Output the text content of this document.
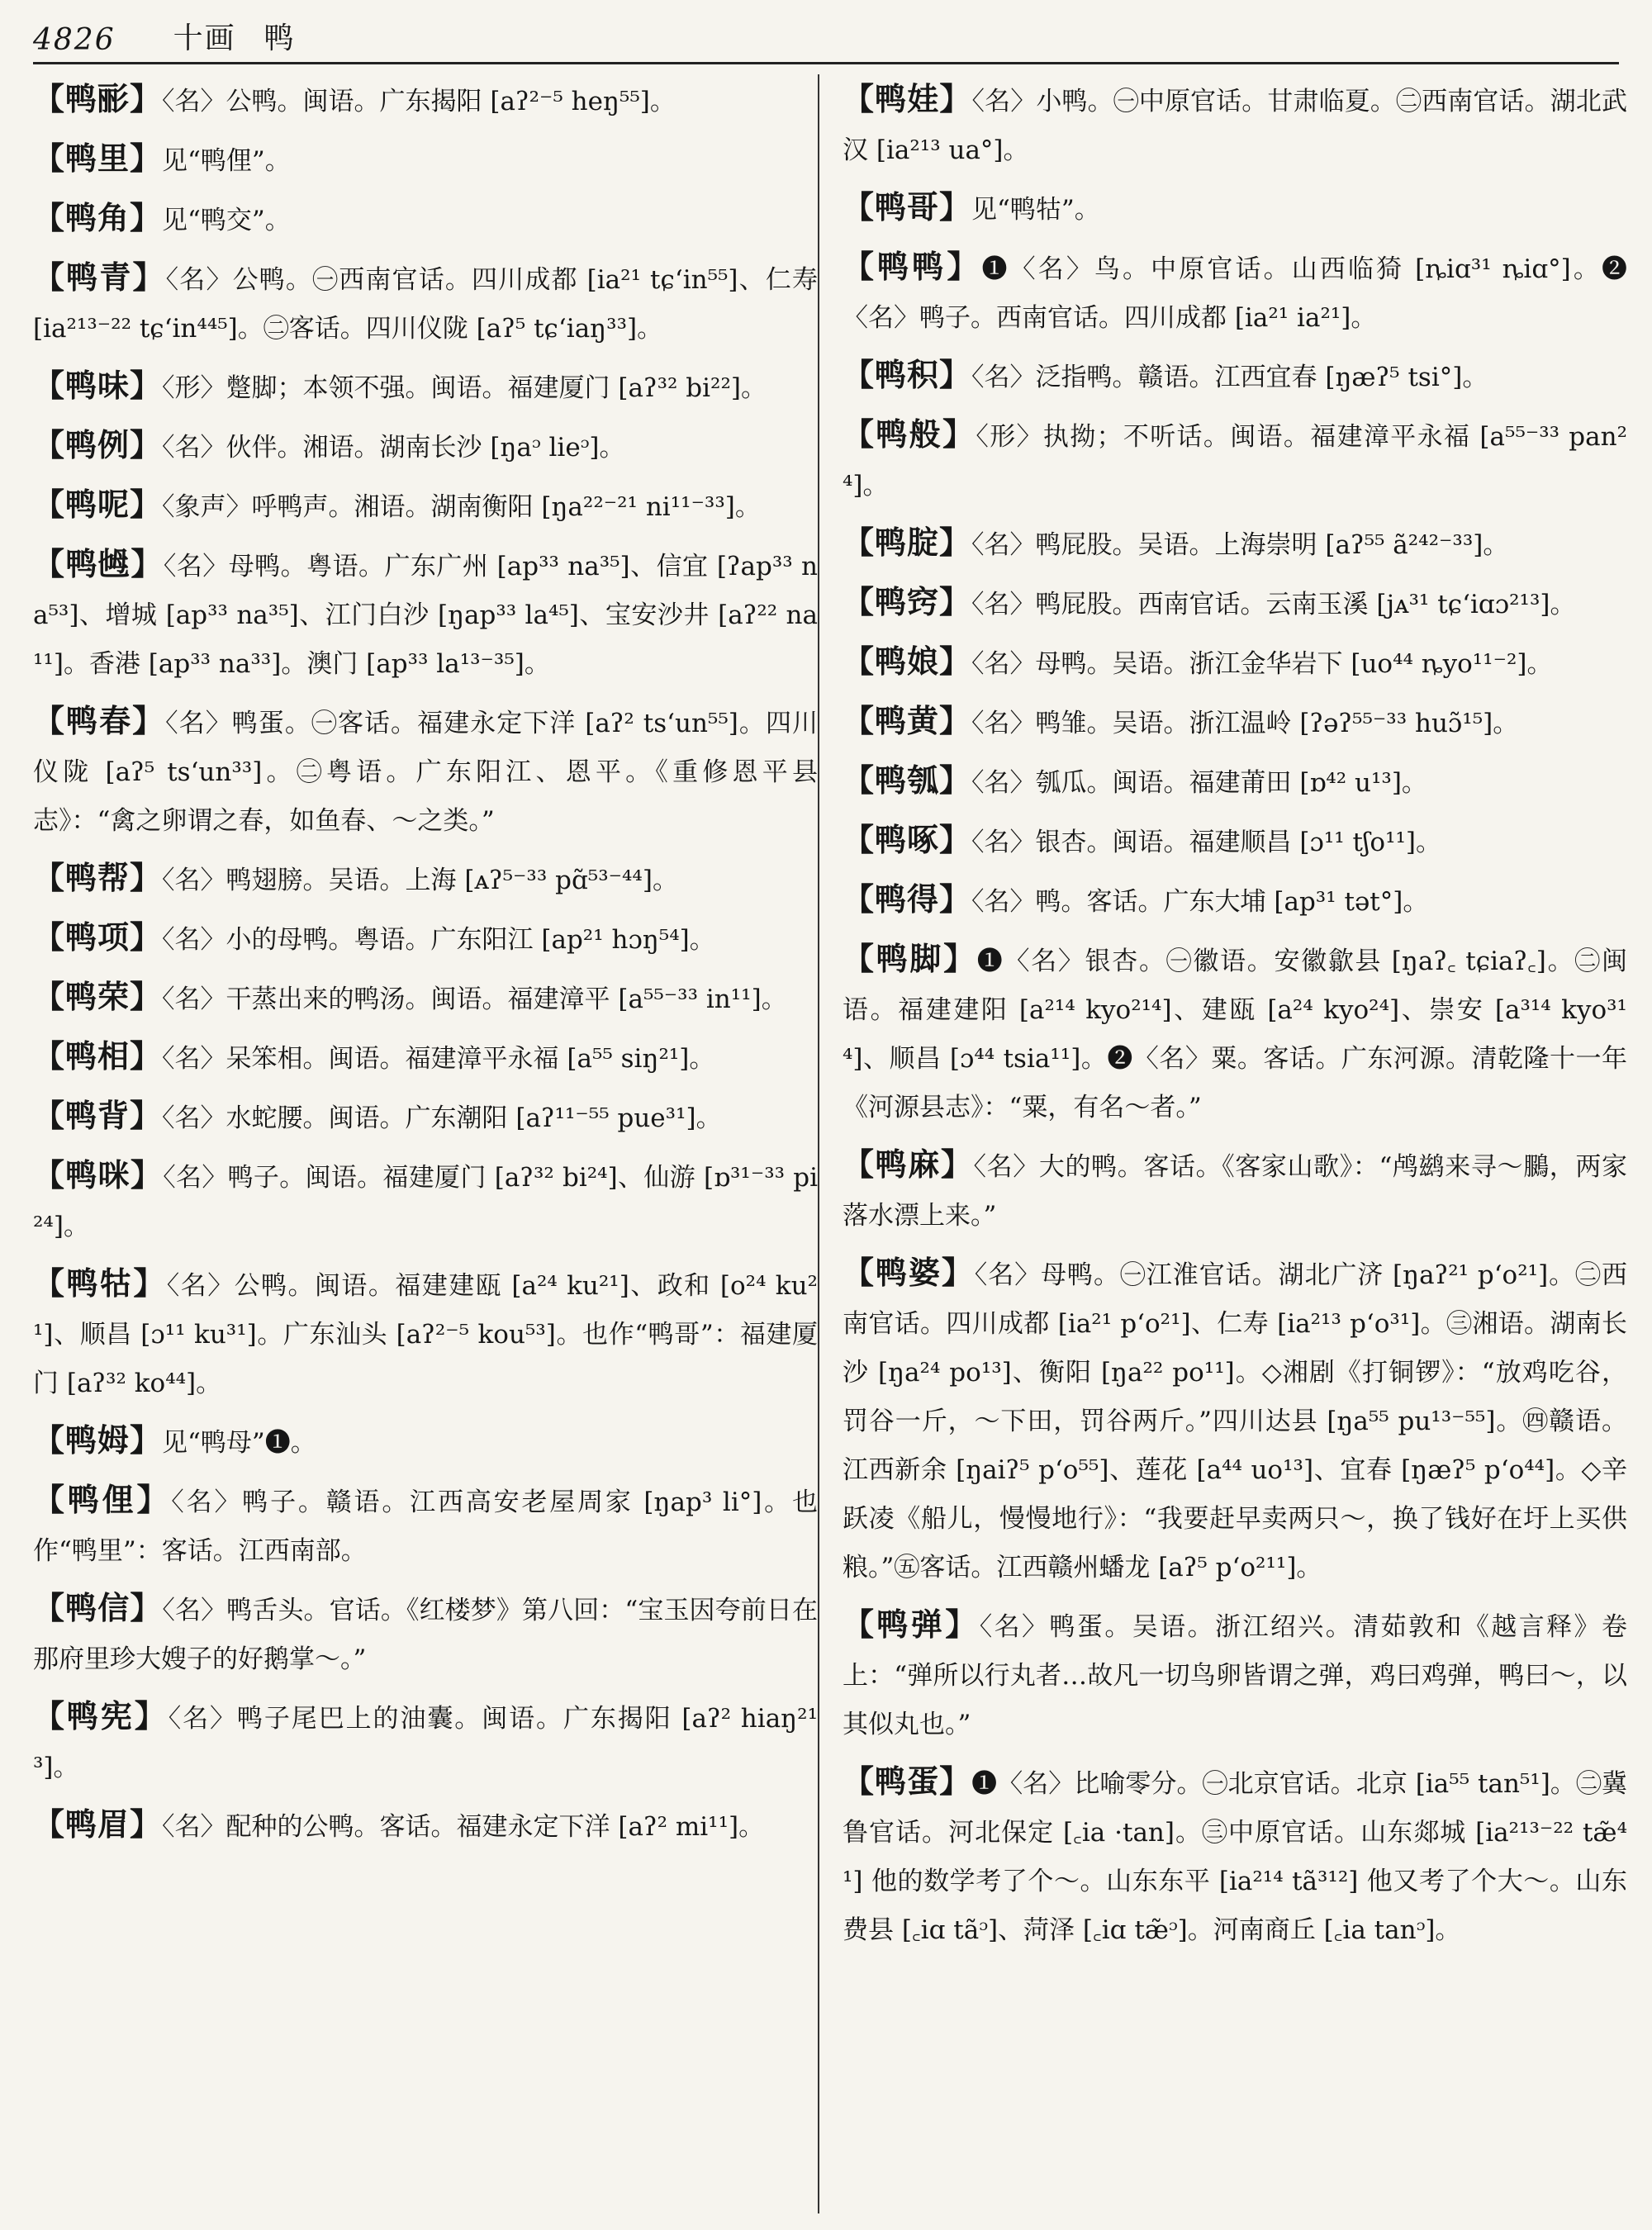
4826 十画 鸭

【鸭彨】〈名〉公鸭。闽语。广东揭阳 [aʔ²⁻⁵ heŋ⁵⁵]。

【鸭里】见“鸭俚”。

【鸭角】见“鸭交”。

【鸭青】〈名〉公鸭。㊀西南官话。四川成都 [ia²¹ tɕʻin⁵⁵]、仁寿 [ia²¹³⁻²² tɕʻin⁴⁴⁵]。㊁客话。四川仪陇 [aʔ⁵ tɕʻiaŋ³³]。

【鸭味】〈形〉蹩脚；本领不强。闽语。福建厦门 [aʔ³² bi²²]。

【鸭例】〈名〉伙伴。湘语。湖南长沙 [ŋaᵓ lieᵓ]。

【鸭呢】〈象声〉呼鸭声。湘语。湖南衡阳 [ŋa²²⁻²¹ ni¹¹⁻³³]。

【鸭乸】〈名〉母鸭。粤语。广东广州 [ap³³ na³⁵]、信宜 [ʔap³³ na⁵³]、增城 [ap³³ na³⁵]、江门白沙 [ŋap³³ la⁴⁵]、宝安沙井 [aʔ²² na¹¹]。香港 [ap³³ na³³]。澳门 [ap³³ la¹³⁻³⁵]。

【鸭春】〈名〉鸭蛋。㊀客话。福建永定下洋 [aʔ² tsʻun⁵⁵]。四川仪陇 [aʔ⁵ tsʻun³³]。㊁粤语。广东阳江、恩平。《重修恩平县志》：“禽之卵谓之春，如鱼春、～之类。”

【鸭帮】〈名〉鸭翅膀。吴语。上海 [ᴀʔ⁵⁻³³ pɑ̃⁵³⁻⁴⁴]。

【鸭项】〈名〉小的母鸭。粤语。广东阳江 [ap²¹ hɔŋ⁵⁴]。

【鸭荣】〈名〉干蒸出来的鸭汤。闽语。福建漳平 [a⁵⁵⁻³³ in¹¹]。

【鸭相】〈名〉呆笨相。闽语。福建漳平永福 [a⁵⁵ siŋ²¹]。

【鸭背】〈名〉水蛇腰。闽语。广东潮阳 [aʔ¹¹⁻⁵⁵ pue³¹]。

【鸭咪】〈名〉鸭子。闽语。福建厦门 [aʔ³² bi²⁴]、仙游 [ɒ³¹⁻³³ pi²⁴]。

【鸭牯】〈名〉公鸭。闽语。福建建瓯 [a²⁴ ku²¹]、政和 [o²⁴ ku²¹]、顺昌 [ɔ¹¹ ku³¹]。广东汕头 [aʔ²⁻⁵ kou⁵³]。也作“鸭哥”：福建厦门 [aʔ³² ko⁴⁴]。

【鸭姆】见“鸭母”❶。

【鸭俚】〈名〉鸭子。赣语。江西高安老屋周家 [ŋap³ li°]。也作“鸭里”：客话。江西南部。

【鸭信】〈名〉鸭舌头。官话。《红楼梦》第八回：“宝玉因夸前日在那府里珍大嫂子的好鹅掌～。”

【鸭宪】〈名〉鸭子尾巴上的油囊。闽语。广东揭阳 [aʔ² hiaŋ²¹³]。

【鸭眉】〈名〉配种的公鸭。客话。福建永定下洋 [aʔ² mi¹¹]。

【鸭娃】〈名〉小鸭。㊀中原官话。甘肃临夏。㊁西南官话。湖北武汉 [ia²¹³ ua°]。

【鸭哥】见“鸭牯”。

【鸭鸭】❶〈名〉鸟。中原官话。山西临猗 [ȵiɑ³¹ ȵiɑ°]。❷〈名〉鸭子。西南官话。四川成都 [ia²¹ ia²¹]。

【鸭积】〈名〉泛指鸭。赣语。江西宜春 [ŋæʔ⁵ tsi°]。

【鸭般】〈形〉执拗；不听话。闽语。福建漳平永福 [a⁵⁵⁻³³ pan²⁴]。

【鸭腚】〈名〉鸭屁股。吴语。上海崇明 [aʔ⁵⁵ ã²⁴²⁻³³]。

【鸭窍】〈名〉鸭屁股。西南官话。云南玉溪 [jᴀ³¹ tɕʻiɑɔ²¹³]。

【鸭娘】〈名〉母鸭。吴语。浙江金华岩下 [uo⁴⁴ ȵyo¹¹⁻²]。

【鸭黄】〈名〉鸭雏。吴语。浙江温岭 [ʔəʔ⁵⁵⁻³³ huɔ̃¹⁵]。

【鸭瓠】〈名〉瓠瓜。闽语。福建莆田 [ɒ⁴² u¹³]。

【鸭啄】〈名〉银杏。闽语。福建顺昌 [ɔ¹¹ tʃo¹¹]。

【鸭得】〈名〉鸭。客话。广东大埔 [ap³¹ tət°]。

【鸭脚】❶〈名〉银杏。㊀徽语。安徽歙县 [ŋaʔ꜀ tɕiaʔ꜀]。㊁闽语。福建建阳 [a²¹⁴ kyo²¹⁴]、建瓯 [a²⁴ kyo²⁴]、崇安 [a³¹⁴ kyo³¹⁴]、顺昌 [ɔ⁴⁴ tsia¹¹]。❷〈名〉粟。客话。广东河源。清乾隆十一年《河源县志》：“粟，有名～者。”

【鸭麻】〈名〉大的鸭。客话。《客家山歌》：“鸬鹚来寻～鵩，两家落水漂上来。”

【鸭婆】〈名〉母鸭。㊀江淮官话。湖北广济 [ŋaʔ²¹ pʻo²¹]。㊁西南官话。四川成都 [ia²¹ pʻo²¹]、仁寿 [ia²¹³ pʻo³¹]。㊂湘语。湖南长沙 [ŋa²⁴ po¹³]、衡阳 [ŋa²² po¹¹]。◇湘剧《打铜锣》：“放鸡吃谷，罚谷一斤，～下田，罚谷两斤。”四川达县 [ŋa⁵⁵ pu¹³⁻⁵⁵]。㊃赣语。江西新余 [ŋaiʔ⁵ pʻo⁵⁵]、莲花 [a⁴⁴ uo¹³]、宜春 [ŋæʔ⁵ pʻo⁴⁴]。◇辛跃凌《船儿，慢慢地行》：“我要赶早卖两只～，换了钱好在圩上买供粮。”㊄客话。江西赣州蟠龙 [aʔ⁵ pʻo²¹¹]。

【鸭弹】〈名〉鸭蛋。吴语。浙江绍兴。清茹敦和《越言释》卷上：“弹所以行丸者…故凡一切鸟卵皆谓之弹，鸡曰鸡弹，鸭曰～，以其似丸也。”

【鸭蛋】❶〈名〉比喻零分。㊀北京官话。北京 [ia⁵⁵ tan⁵¹]。㊁冀鲁官话。河北保定 [꜀ia ·tan]。㊂中原官话。山东郯城 [ia²¹³⁻²² tæ̃⁴¹] 他的数学考了个～。山东东平 [ia²¹⁴ tã³¹²] 他又考了个大～。山东费县 [꜀iɑ tãᵓ]、菏泽 [꜀iɑ tæ̃ᵓ]。河南商丘 [꜀ia tanᵓ]。
